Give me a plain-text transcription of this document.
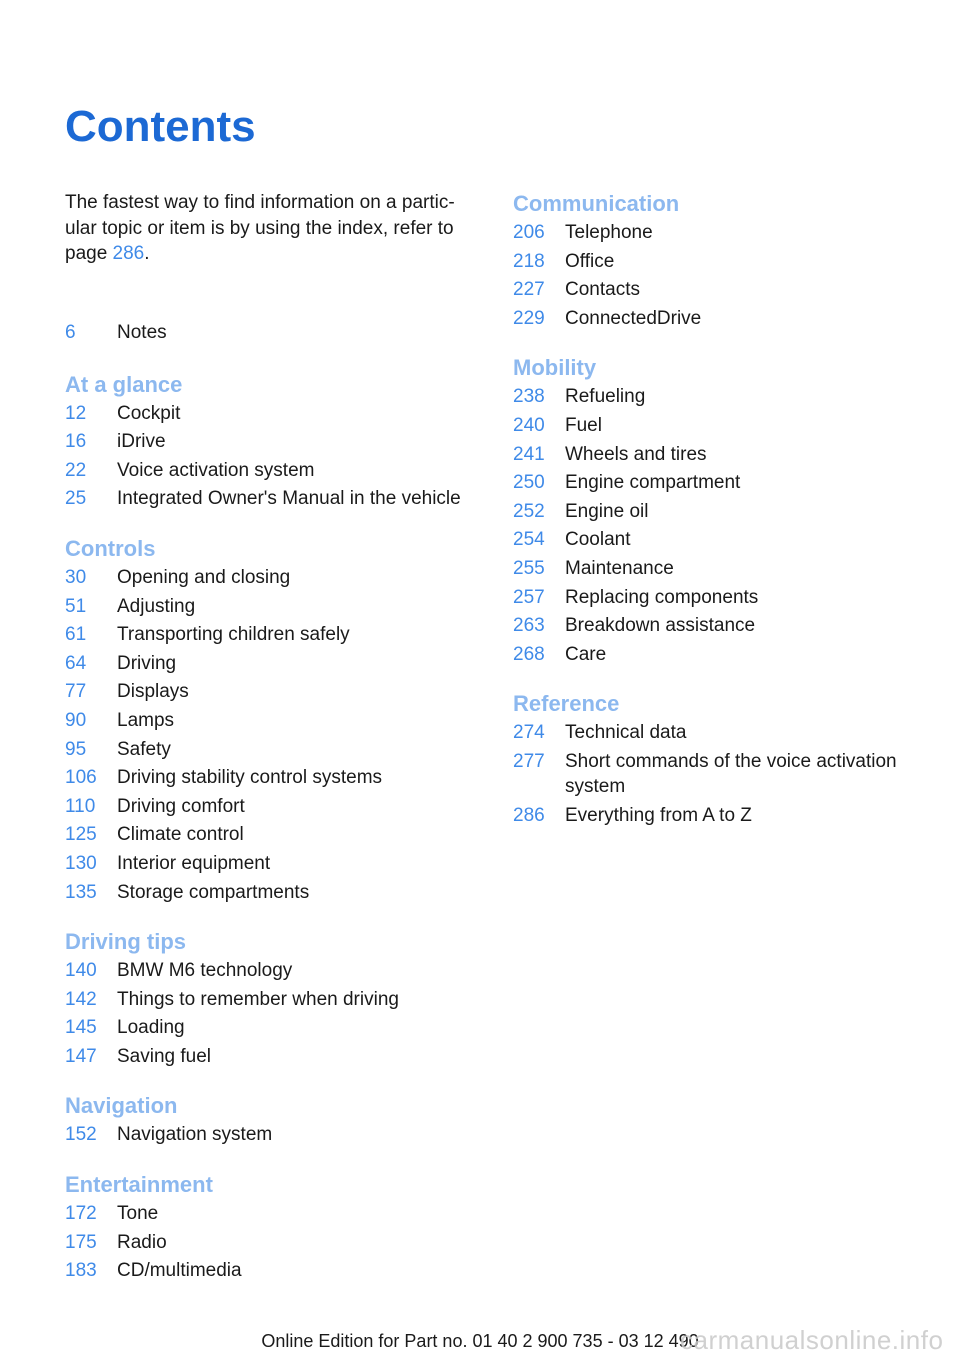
Contents

The fastest way to find information on a partic- ular topic or item is by using the index, refer to page 286.

6	Notes
At a glance
12	Cockpit
16	iDrive
22	Voice activation system
25	Integrated Owner's Manual in the vehicle
Controls
30	Opening and closing
51	Adjusting
61	Transporting children safely
64	Driving
77	Displays
90	Lamps
95	Safety
106	Driving stability control systems
110	Driving comfort
125	Climate control
130	Interior equipment
135	Storage compartments
Driving tips
140	BMW M6 technology
142	Things to remember when driving
145	Loading
147	Saving fuel
Navigation
152	Navigation system
Entertainment
172	Tone
175	Radio
183	CD/multimedia
Communication
206	Telephone
218	Office
227	Contacts
229	ConnectedDrive
Mobility
238	Refueling
240	Fuel
241	Wheels and tires
250	Engine compartment
252	Engine oil
254	Coolant
255	Maintenance
257	Replacing components
263	Breakdown assistance
268	Care
Reference
274	Technical data
277	Short commands of the voice activation system
286	Everything from A to Z
Online Edition for Part no. 01 40 2 900 735 - 03 12 490
carmanualsonline.info
